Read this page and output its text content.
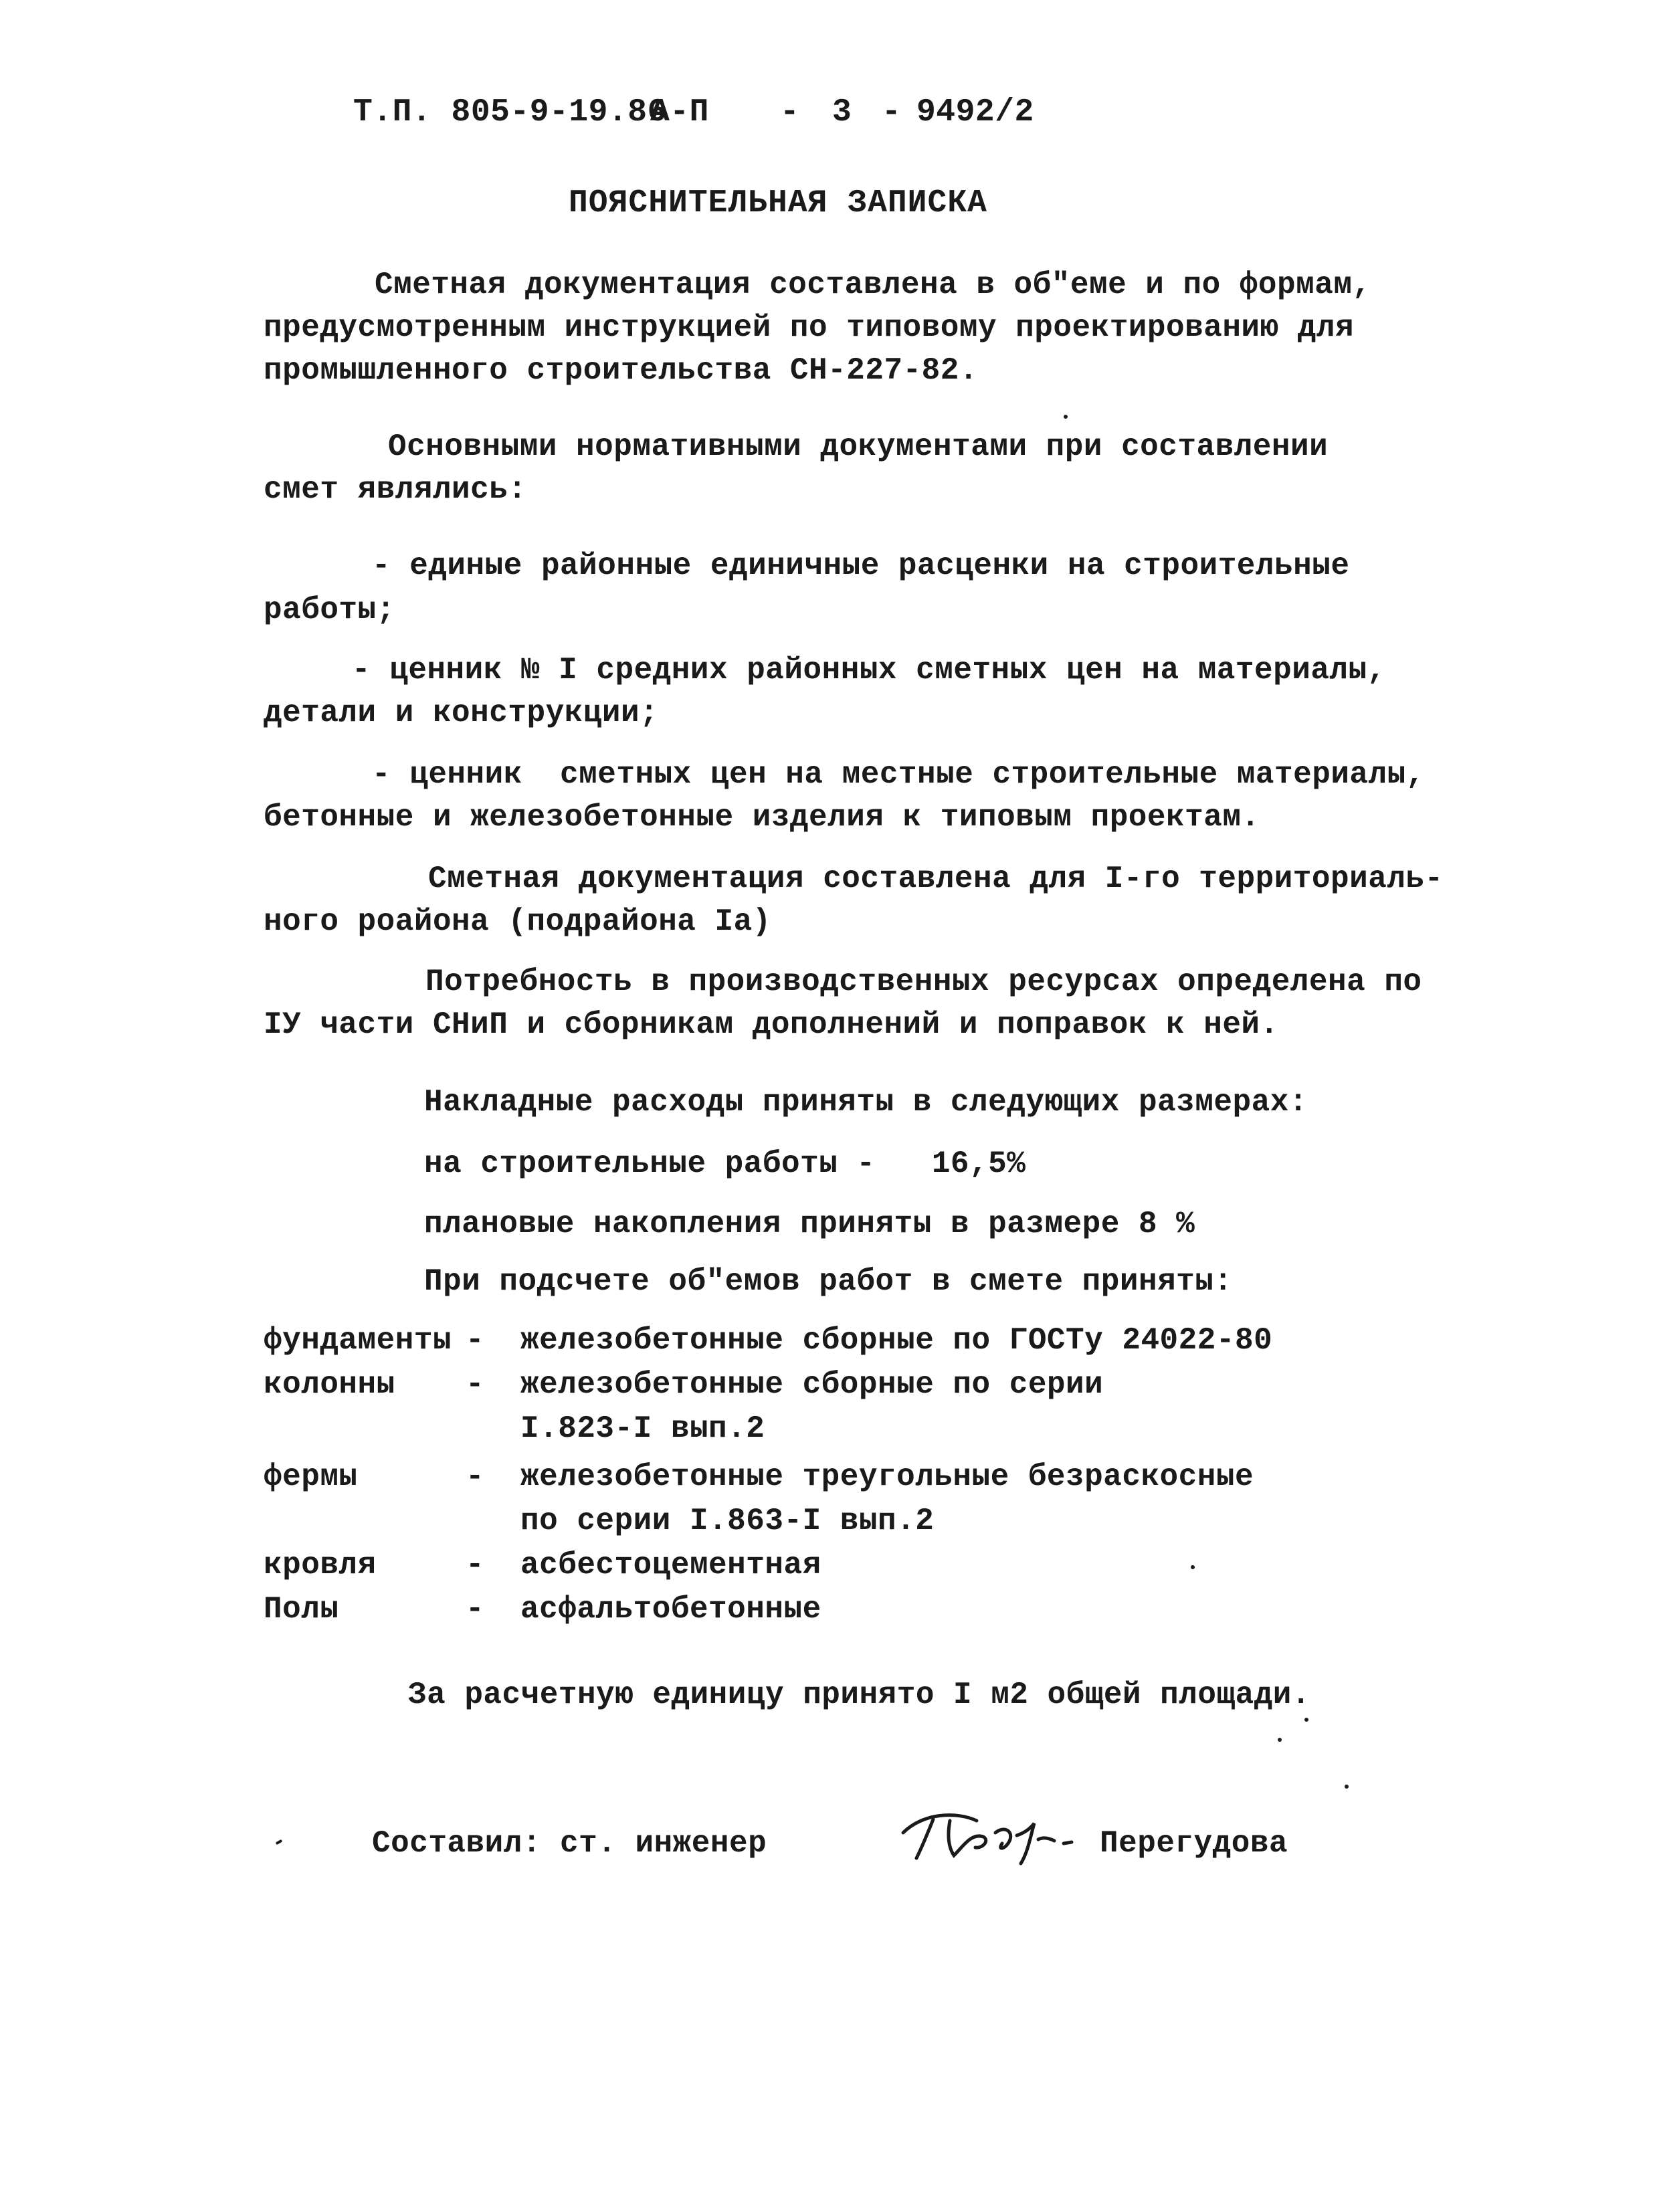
Т.П. 805-9-19.86
А-П - 3 - 9492/2
ПОЯСНИТЕЛЬНАЯ ЗАПИСКА
Сметная документация составлена в об"еме и по формам,
предусмотренным инструкцией по типовому проектированию для
промышленного строительства СН-227-82.
Основными нормативными документами при составлении
смет являлись:
- единые районные единичные расценки на строительные
работы;
- ценник № I средних районных сметных цен на материалы,
детали и конструкции;
- ценник  сметных цен на местные строительные материалы,
бетонные и железобетонные изделия к типовым проектам.
Сметная документация составлена для I-го территориаль-
ного роайона (подрайона Iа)
Потребность в производственных ресурсах определена по
IУ части СНиП и сборникам дополнений и поправок к ней.
Накладные расходы приняты в следующих размерах:
на строительные работы -   16,5%
плановые накопления приняты в размере 8 %
При подсчете об"емов работ в смете приняты:
фундаменты - железобетонные сборные по ГОСТу 24022-80
колонны - железобетонные сборные по серии
I.823-I вып.2
фермы	- железобетонные треугольные безраскосные
по серии I.863-I вып.2
кровля	- асбестоцементная
Полы	- асфальтобетонные
За расчетную единицу принято I м2 общей площади.
Составил: ст. инженер	Перегудова
